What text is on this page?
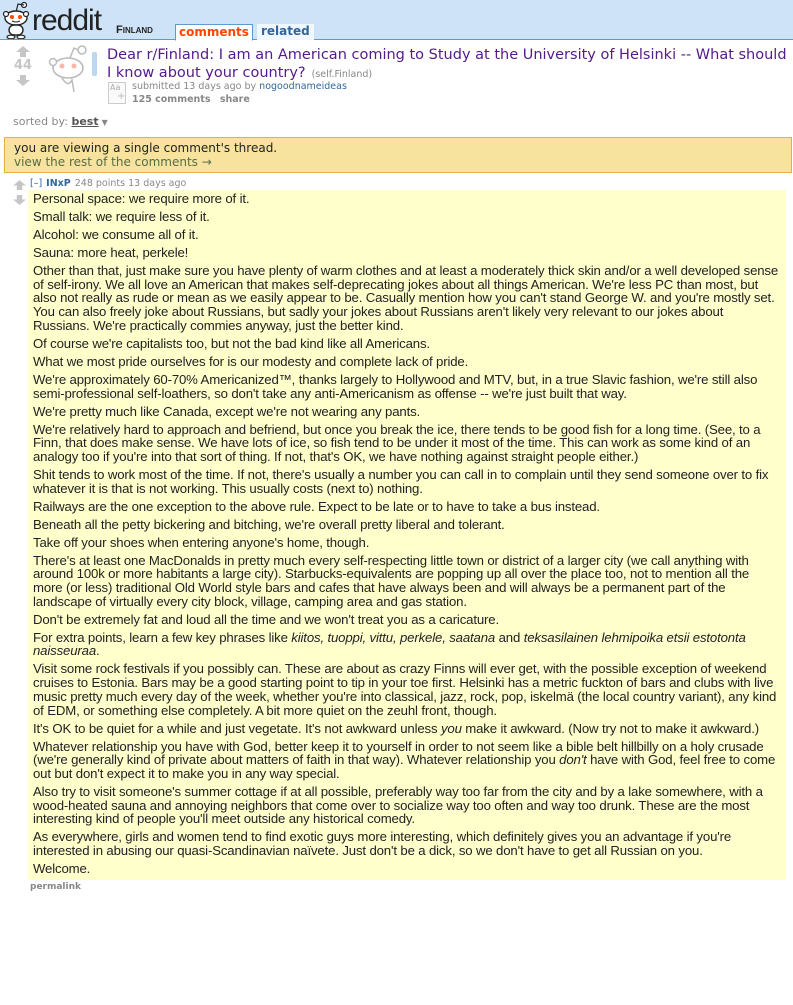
reddit Finland	comments	related
44
Dear r/Finland: I am an American coming to Study at the University of Helsinki -- What should I know about your country? (self.Finland)
Aa
+
submitted 13 days ago by nogoodnameideas
125 comments share
sorted by: best ▼
you are viewing a single comment's thread.
view the rest of the comments →
[–] INxP 248 points 13 days ago

Personal space: we require more of it.

Small talk: we require less of it.

Alcohol: we consume all of it.

Sauna: more heat, perkele!

Other than that, just make sure you have plenty of warm clothes and at least a moderately thick skin and/or a well developed sense of self-irony. We all love an American that makes self-deprecating jokes about all things American. We're less PC than most, but also not really as rude or mean as we easily appear to be. Casually mention how you can't stand George W. and you're mostly set. You can also freely joke about Russians, but sadly your jokes about Russians aren't likely very relevant to our jokes about Russians. We're practically commies anyway, just the better kind.

Of course we're capitalists too, but not the bad kind like all Americans.

What we most pride ourselves for is our modesty and complete lack of pride.

We're approximately 60-70% Americanized™, thanks largely to Hollywood and MTV, but, in a true Slavic fashion, we're still also semi-professional self-loathers, so don't take any anti-Americanism as offense -- we're just built that way.

We're pretty much like Canada, except we're not wearing any pants.

We're relatively hard to approach and befriend, but once you break the ice, there tends to be good fish for a long time. (See, to a Finn, that does make sense. We have lots of ice, so fish tend to be under it most of the time. This can work as some kind of an analogy too if you're into that sort of thing. If not, that's OK, we have nothing against straight people either.)

Shit tends to work most of the time. If not, there's usually a number you can call in to complain until they send someone over to fix whatever it is that is not working. This usually costs (next to) nothing.

Railways are the one exception to the above rule. Expect to be late or to have to take a bus instead.

Beneath all the petty bickering and bitching, we're overall pretty liberal and tolerant.

Take off your shoes when entering anyone's home, though.

There's at least one MacDonalds in pretty much every self-respecting little town or district of a larger city (we call anything with around 100k or more habitants a large city). Starbucks-equivalents are popping up all over the place too, not to mention all the more (or less) traditional Old World style bars and cafes that have always been and will always be a permanent part of the landscape of virtually every city block, village, camping area and gas station.

Don't be extremely fat and loud all the time and we won't treat you as a caricature.

For extra points, learn a few key phrases like kiitos, tuoppi, vittu, perkele, saatana and teksasilainen lehmipoika etsii estotonta naisseuraa.

Visit some rock festivals if you possibly can. These are about as crazy Finns will ever get, with the possible exception of weekend cruises to Estonia. Bars may be a good starting point to tip in your toe first. Helsinki has a metric fuckton of bars and clubs with live music pretty much every day of the week, whether you're into classical, jazz, rock, pop, iskelmä (the local country variant), any kind of EDM, or something else completely. A bit more quiet on the zeuhl front, though.

It's OK to be quiet for a while and just vegetate. It's not awkward unless you make it awkward. (Now try not to make it awkward.)

Whatever relationship you have with God, better keep it to yourself in order to not seem like a bible belt hillbilly on a holy crusade (we're generally kind of private about matters of faith in that way). Whatever relationship you don't have with God, feel free to come out but don't expect it to make you in any way special.

Also try to visit someone's summer cottage if at all possible, preferably way too far from the city and by a lake somewhere, with a wood-heated sauna and annoying neighbors that come over to socialize way too often and way too drunk. These are the most interesting kind of people you'll meet outside any historical comedy.

As everywhere, girls and women tend to find exotic guys more interesting, which definitely gives you an advantage if you're interested in abusing our quasi-Scandinavian naïvete. Just don't be a dick, so we don't have to get all Russian on you.

Welcome.

permalink
